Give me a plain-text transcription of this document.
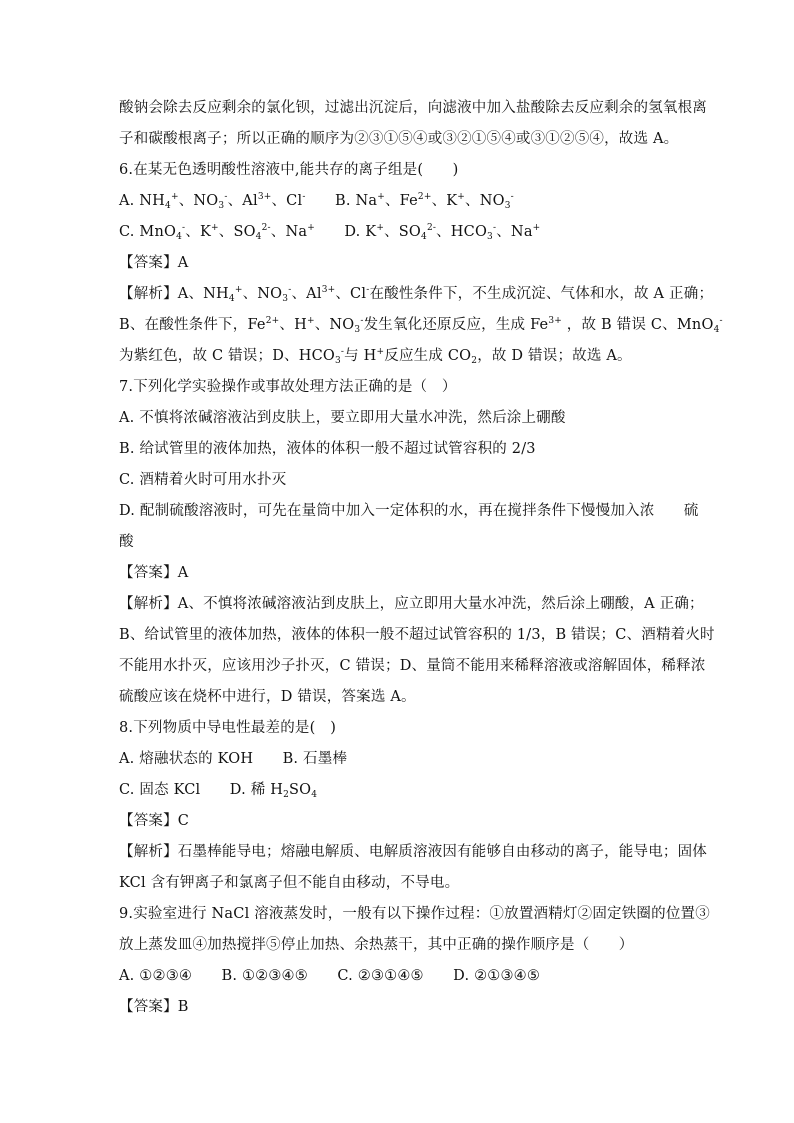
酸钠会除去反应剩余的氯化钡，过滤出沉淀后，向滤液中加入盐酸除去反应剩余的氢氧根离
子和碳酸根离子；所以正确的顺序为②③①⑤④或③②①⑤④或③①②⑤④，故选 A。
6.在某无色透明酸性溶液中,能共存的离子组是(　　)
A. $NH_4^+$、$NO_3^-$、$Al^{3+}$、Cl-　　B. Na+、$Fe^{2+}$、K+、$NO_3^-$
C. MnO$_4$-、K+、$SO_4^{2-}$、Na+　　D. K+、$SO_4^{2-}$、$HCO_3^-$、Na+
【答案】A
【解析】A、$NH_4^+$、$NO_3^-$、$Al^{3+}$、Cl-在酸性条件下，不生成沉淀、气体和水，故 A 正确；
B、在酸性条件下，$Fe^{2+}$、H+、$NO_3^-$发生氧化还原反应，生成 $Fe^{3+}$ ，故 B 错误 C、MnO$_4$-
为紫红色，故 C 错误；D、$HCO_3^-$与 H+反应生成 $CO_2$，故 D 错误；故选 A。
7.下列化学实验操作或事故处理方法正确的是（　）
A. 不慎将浓碱溶液沾到皮肤上，要立即用大量水冲洗，然后涂上硼酸
B. 给试管里的液体加热，液体的体积一般不超过试管容积的 2/3
C. 酒精着火时可用水扑灭
D. 配制硫酸溶液时，可先在量筒中加入一定体积的水，再在搅拌条件下慢慢加入浓　　硫
酸
【答案】A
【解析】A、不慎将浓碱溶液沾到皮肤上，应立即用大量水冲洗，然后涂上硼酸，A 正确；
B、给试管里的液体加热，液体的体积一般不超过试管容积的 1/3，B 错误；C、酒精着火时
不能用水扑灭，应该用沙子扑灭，C 错误；D、量筒不能用来稀释溶液或溶解固体，稀释浓
硫酸应该在烧杯中进行，D 错误，答案选 A。
8.下列物质中导电性最差的是(　)
A. 熔融状态的 KOH　　B. 石墨棒
C. 固态 KCl　　D. 稀 $H_2SO_4$
【答案】C
【解析】石墨棒能导电；熔融电解质、电解质溶液因有能够自由移动的离子，能导电；固体
KCl 含有钾离子和氯离子但不能自由移动，不导电。
9.实验室进行 NaCl 溶液蒸发时，一般有以下操作过程：①放置酒精灯②固定铁圈的位置③
放上蒸发皿④加热搅拌⑤停止加热、余热蒸干，其中正确的操作顺序是（　　）
A. ①②③④　　B. ①②③④⑤　　C. ②③①④⑤　　D. ②①③④⑤
【答案】B
